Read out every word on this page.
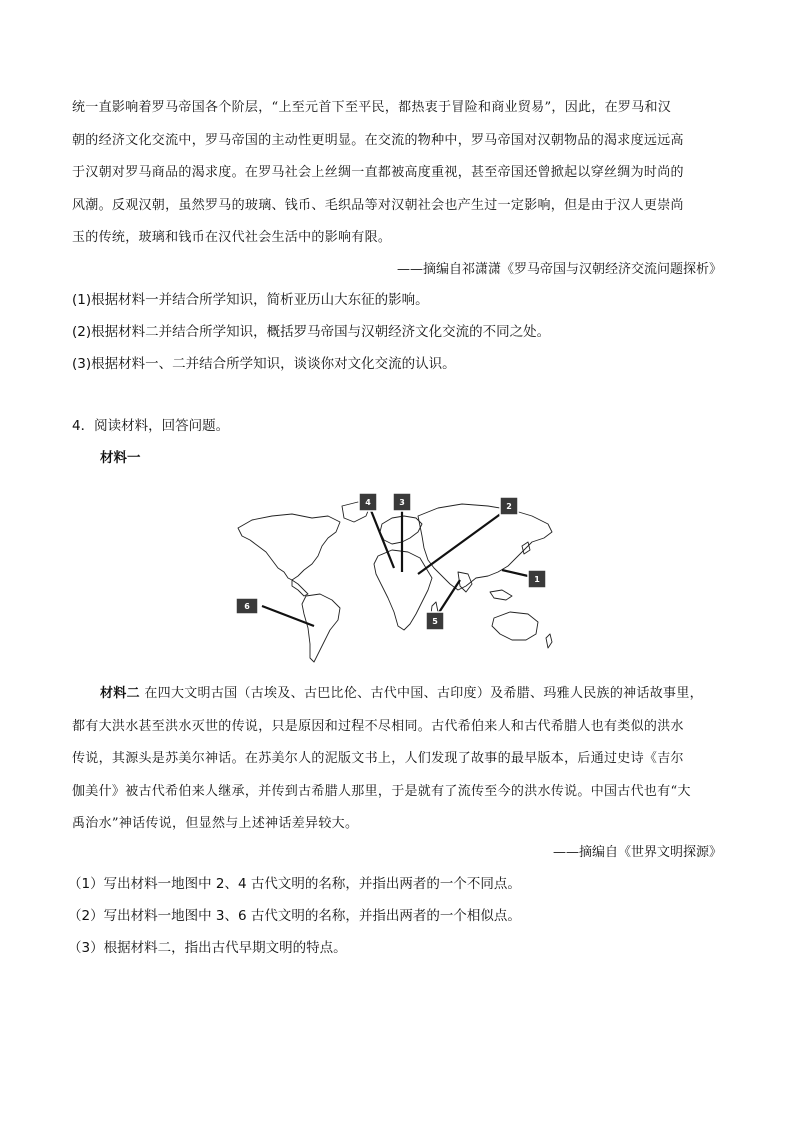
统一直影响着罗马帝国各个阶层，“上至元首下至平民，都热衷于冒险和商业贸易”，因此，在罗马和汉
朝的经济文化交流中，罗马帝国的主动性更明显。在交流的物种中，罗马帝国对汉朝物品的渴求度远远高
于汉朝对罗马商品的渴求度。在罗马社会上丝绸一直都被高度重视，甚至帝国还曾掀起以穿丝绸为时尚的
风潮。反观汉朝，虽然罗马的玻璃、钱币、毛织品等对汉朝社会也产生过一定影响，但是由于汉人更崇尚
玉的传统，玻璃和钱币在汉代社会生活中的影响有限。
——摘编自祁潇潇《罗马帝国与汉朝经济交流问题探析》
(1)根据材料一并结合所学知识，简析亚历山大东征的影响。
(2)根据材料二并结合所学知识，概括罗马帝国与汉朝经济文化交流的不同之处。
(3)根据材料一、二并结合所学知识，谈谈你对文化交流的认识。
4．阅读材料，回答问题。
材料一
1
2
3
4
5
6
材料二 在四大文明古国（古埃及、古巴比伦、古代中国、古印度）及希腊、玛雅人民族的神话故事里，
都有大洪水甚至洪水灭世的传说，只是原因和过程不尽相同。古代希伯来人和古代希腊人也有类似的洪水
传说，其源头是苏美尔神话。在苏美尔人的泥版文书上，人们发现了故事的最早版本，后通过史诗《吉尔
伽美什》被古代希伯来人继承，并传到古希腊人那里，于是就有了流传至今的洪水传说。中国古代也有“大
禹治水”神话传说，但显然与上述神话差异较大。
——摘编自《世界文明探源》
（1）写出材料一地图中 2、4 古代文明的名称，并指出两者的一个不同点。
（2）写出材料一地图中 3、6 古代文明的名称，并指出两者的一个相似点。
（3）根据材料二，指出古代早期文明的特点。
